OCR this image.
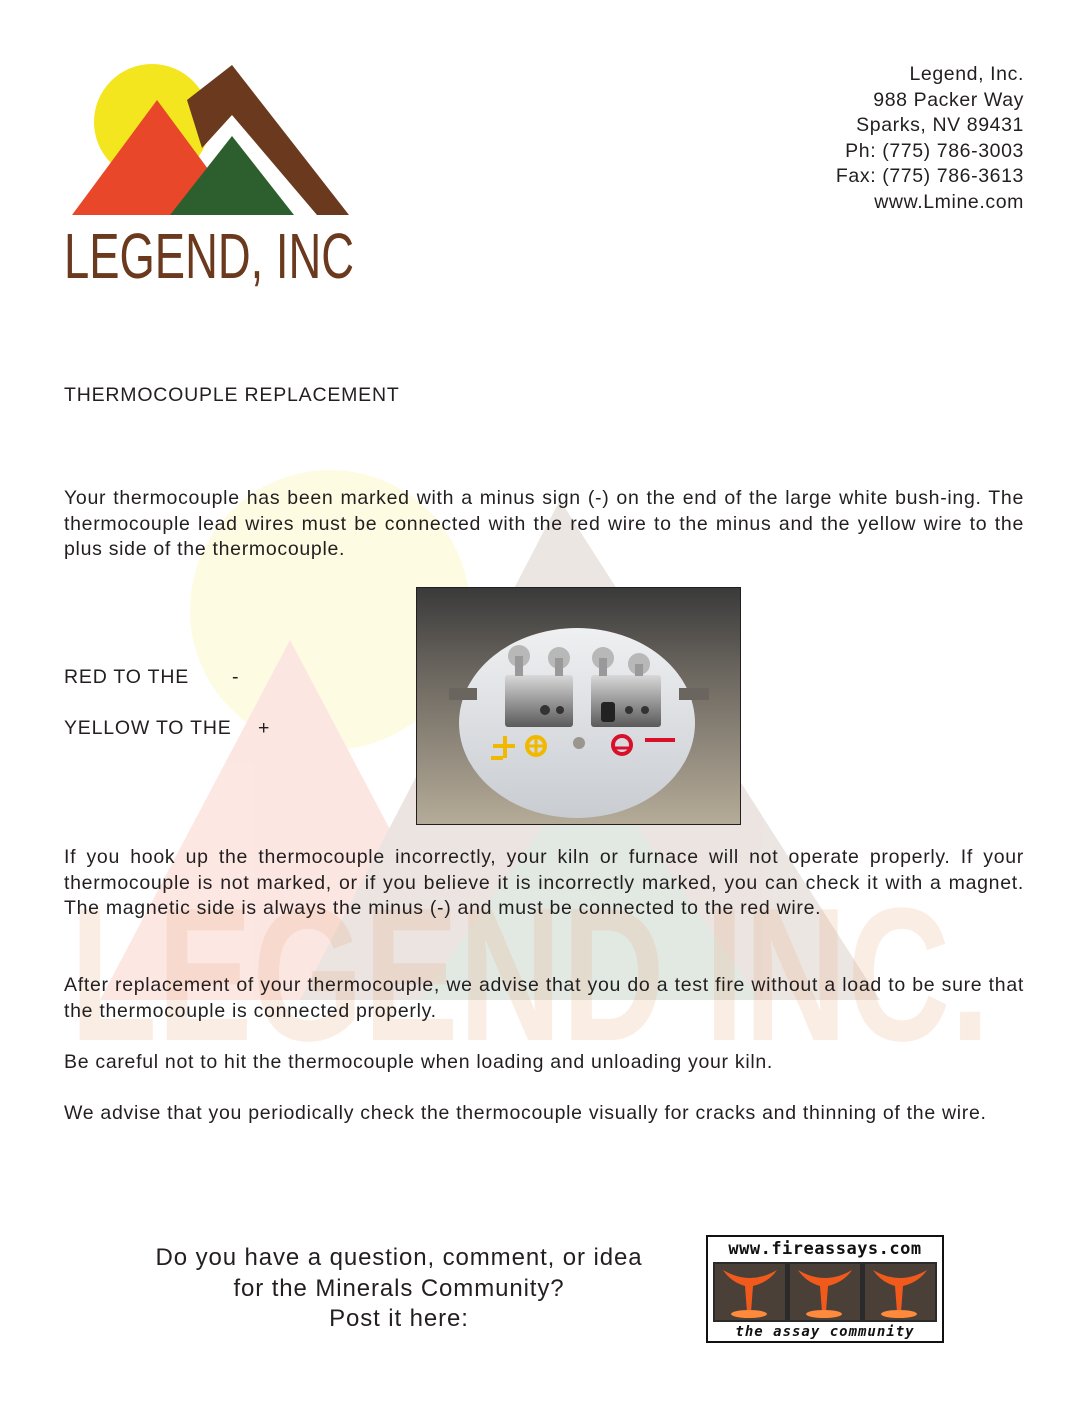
LEGEND INC.
LEGEND, INC
Legend, Inc.
988 Packer Way
Sparks, NV 89431
Ph: (775) 786-3003
Fax: (775) 786-3613
www.Lmine.com
THERMOCOUPLE REPLACEMENT

Your thermocouple has been marked with a minus sign (-) on the end of the large white bush-ing. The thermocouple lead wires must be connected with the red wire to the minus and the yellow wire to the plus side of the thermocouple.

RED TO THE -
YELLOW TO THE +

If you hook up the thermocouple incorrectly, your kiln or furnace will not operate properly. If your thermocouple is not marked, or if you believe it is incorrectly marked, you can check it with a magnet. The magnetic side is always the minus (-) and must be connected to the red wire.

After replacement of your thermocouple, we advise that you do a test fire without a load to be sure that the thermocouple is connected properly.

Be careful not to hit the thermocouple when loading and unloading your kiln.

We advise that you periodically check the thermocouple visually for cracks and thinning of the wire.

Do you have a question, comment, or idea
for the Minerals Community?
Post it here:
www.fireassays.com
the assay community
